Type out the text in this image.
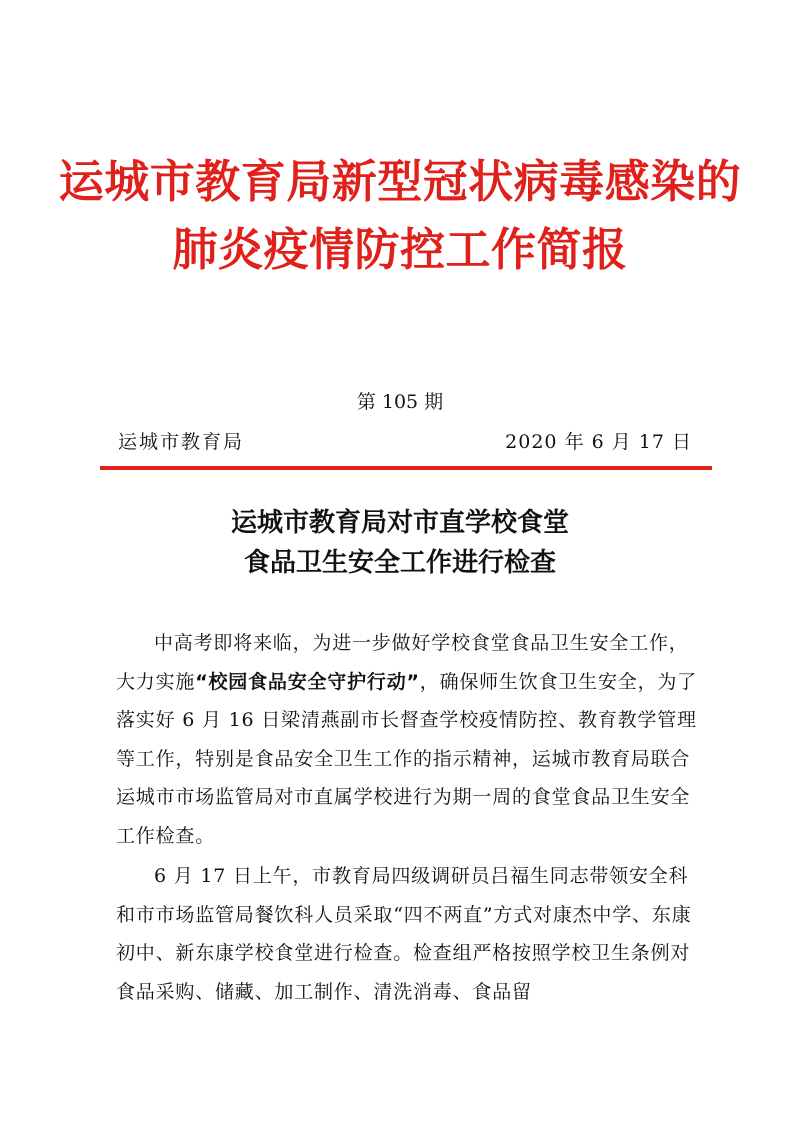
运城市教育局新型冠状病毒感染的
肺炎疫情防控工作简报
第 105 期
运城市教育局	2020 年 6 月 17 日
运城市教育局对市直学校食堂
食品卫生安全工作进行检查

中高考即将来临，为进一步做好学校食堂食品卫生安全工作，大力实施“校园食品安全守护行动”，确保师生饮食卫生安全，为了落实好 6 月 16 日梁清燕副市长督查学校疫情防控、教育教学管理等工作，特别是食品安全卫生工作的指示精神，运城市教育局联合运城市市场监管局对市直属学校进行为期一周的食堂食品卫生安全工作检查。

6 月 17 日上午，市教育局四级调研员吕福生同志带领安全科和市市场监管局餐饮科人员采取“四不两直”方式对康杰中学、东康初中、新东康学校食堂进行检查。检查组严格按照学校卫生条例对食品采购、储藏、加工制作、清洗消毒、食品留
